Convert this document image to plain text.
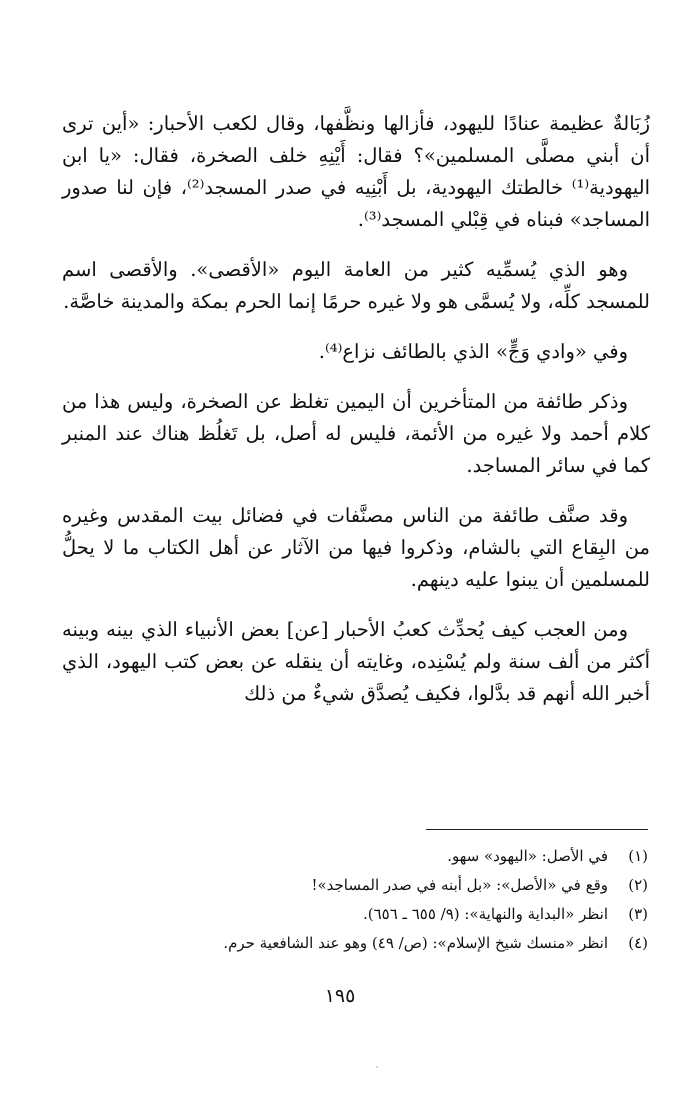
زُبَالةٌ عظيمة عنادًا لليهود، فأزالها ونظَّفها، وقال لكعب الأحبار: «أين ترى أن أبني مصلَّى المسلمين»؟ فقال: أَيْنِهِ خلف الصخرة، فقال: «يا ابن اليهودية⁽¹⁾ خالطتك اليهودية، بل أَبْنِيه في صدر المسجد⁽²⁾، فإن لنا صدور المساجد» فبناه في قِبْلي المسجد⁽³⁾.

وهو الذي يُسمِّيه كثير من العامة اليوم «الأقصى». والأقصى اسم للمسجد كلِّه، ولا يُسمَّى هو ولا غيره حرمًا إنما الحرم بمكة والمدينة خاصَّة.

وفي «وادي وَجٍّ» الذي بالطائف نزاع⁽⁴⁾.

وذكر طائفة من المتأخرين أن اليمين تغلظ عن الصخرة، وليس هذا من كلام أحمد ولا غيره من الأئمة، فليس له أصل، بل تَغلُظ هناك عند المنبر كما في سائر المساجد.

وقد صنَّف طائفة من الناس مصنَّفات في فضائل بيت المقدس وغيره من البِقاع التي بالشام، وذكروا فيها من الآثار عن أهل الكتاب ما لا يحلُّ للمسلمين أن يبنوا عليه دينهم.

ومن العجب كيف يُحدِّث كعبُ الأحبار [عن] بعض الأنبياء الذي بينه وبينه أكثر من ألف سنة ولم يُسْنِده، وغايته أن ينقله عن بعض كتب اليهود، الذي أخبر الله أنهم قد بدَّلوا، فكيف يُصدَّق شيءٌ من ذلك

(١)
في الأصل: «اليهود» سهو.
(٢)
وقع في «الأصل»: «بل أبنه في صدر المساجد»!
(٣)
انظر «البداية والنهاية»: (٩/ ٦٥٥ ـ ٦٥٦).
(٤)
انظر «منسك شيخ الإسلام»: (ص/ ٤٩) وهو عند الشافعية حرم.
١٩٥
